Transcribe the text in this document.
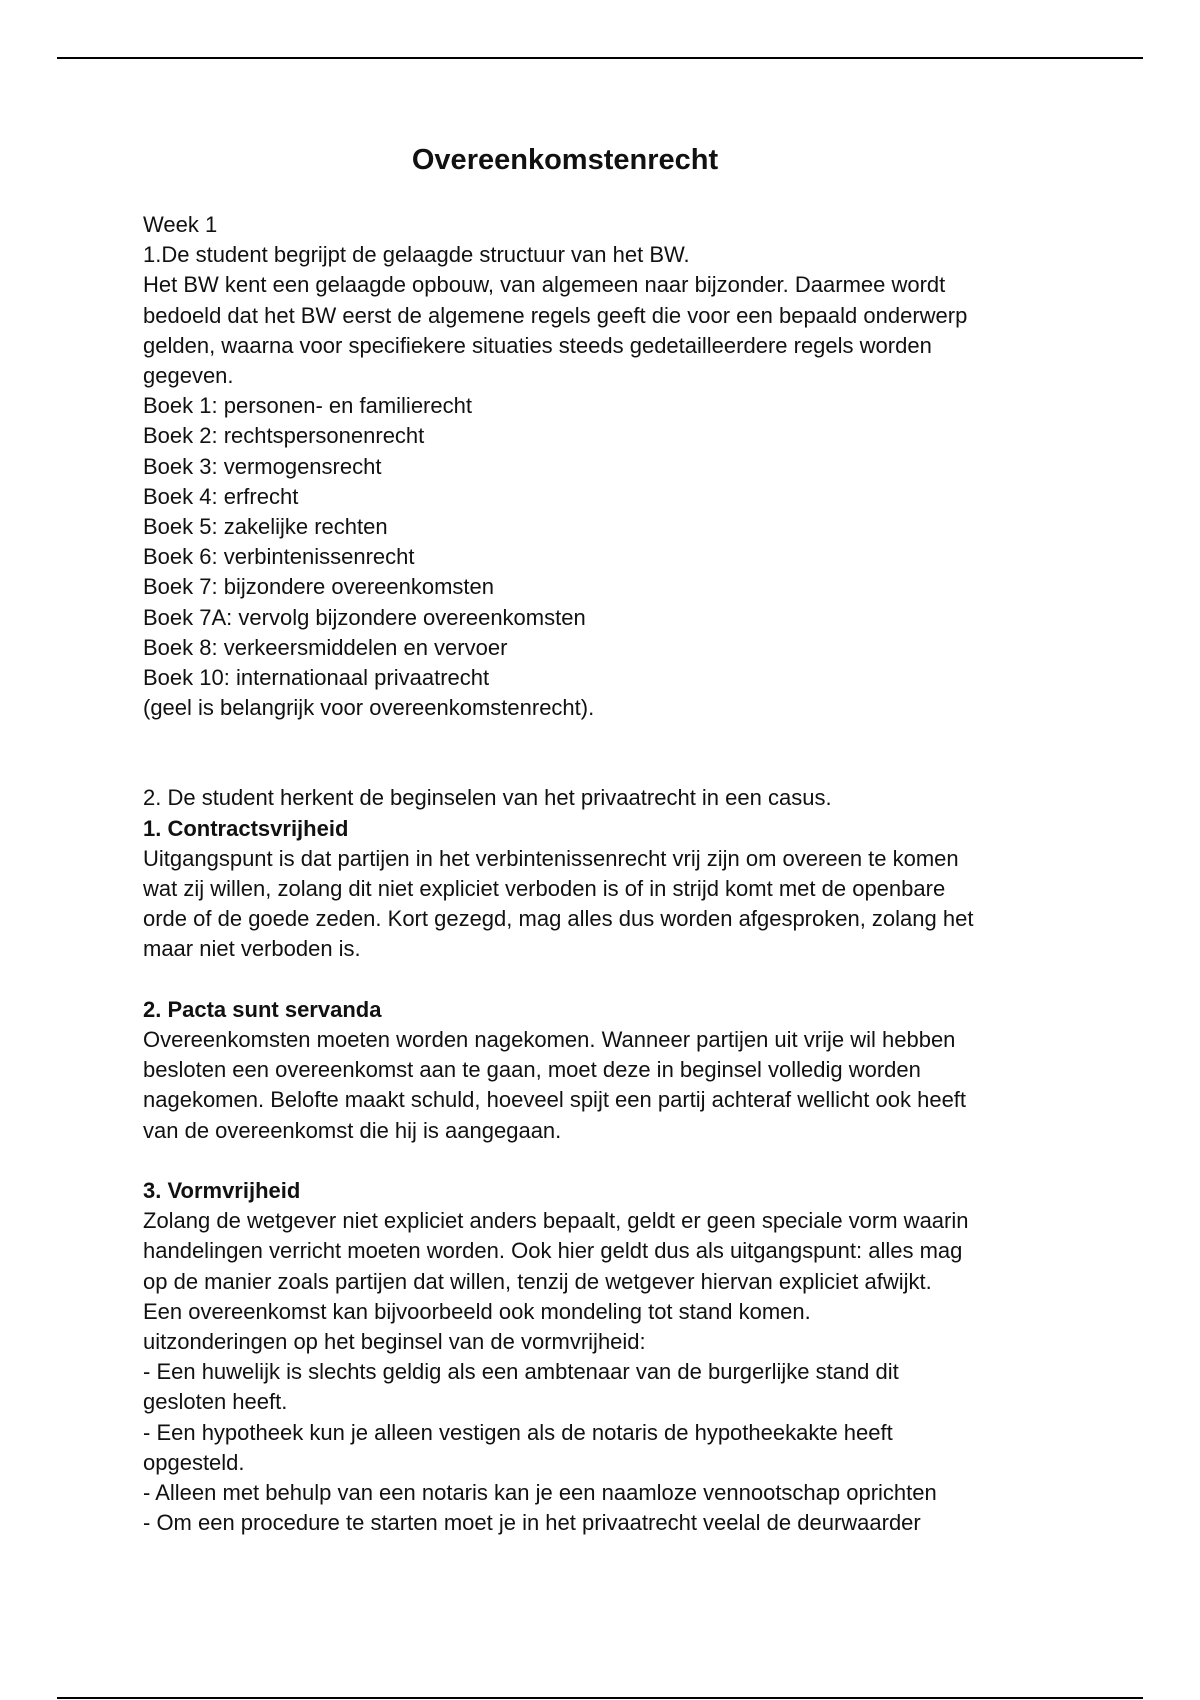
Overeenkomstenrecht

Week 1

1.De student begrijpt de gelaagde structuur van het BW.

Het BW kent een gelaagde opbouw, van algemeen naar bijzonder. Daarmee wordt

bedoeld dat het BW eerst de algemene regels geeft die voor een bepaald onderwerp

gelden, waarna voor specifiekere situaties steeds gedetailleerdere regels worden

gegeven.

Boek 1: personen- en familierecht

Boek 2: rechtspersonenrecht

Boek 3: vermogensrecht

Boek 4: erfrecht

Boek 5: zakelijke rechten

Boek 6: verbintenissenrecht

Boek 7: bijzondere overeenkomsten

Boek 7A: vervolg bijzondere overeenkomsten

Boek 8: verkeersmiddelen en vervoer

Boek 10: internationaal privaatrecht

(geel is belangrijk voor overeenkomstenrecht).

2. De student herkent de beginselen van het privaatrecht in een casus.

1. Contractsvrijheid

Uitgangspunt is dat partijen in het verbintenissenrecht vrij zijn om overeen te komen

wat zij willen, zolang dit niet expliciet verboden is of in strijd komt met de openbare

orde of de goede zeden. Kort gezegd, mag alles dus worden afgesproken, zolang het

maar niet verboden is.

2. Pacta sunt servanda

Overeenkomsten moeten worden nagekomen. Wanneer partijen uit vrije wil hebben

besloten een overeenkomst aan te gaan, moet deze in beginsel volledig worden

nagekomen. Belofte maakt schuld, hoeveel spijt een partij achteraf wellicht ook heeft

van de overeenkomst die hij is aangegaan.

3. Vormvrijheid

Zolang de wetgever niet expliciet anders bepaalt, geldt er geen speciale vorm waarin

handelingen verricht moeten worden. Ook hier geldt dus als uitgangspunt: alles mag

op de manier zoals partijen dat willen, tenzij de wetgever hiervan expliciet afwijkt.

Een overeenkomst kan bijvoorbeeld ook mondeling tot stand komen.

uitzonderingen op het beginsel van de vormvrijheid:

- Een huwelijk is slechts geldig als een ambtenaar van de burgerlijke stand dit

gesloten heeft.

- Een hypotheek kun je alleen vestigen als de notaris de hypotheekakte heeft

opgesteld.

- Alleen met behulp van een notaris kan je een naamloze vennootschap oprichten

- Om een procedure te starten moet je in het privaatrecht veelal de deurwaarder
